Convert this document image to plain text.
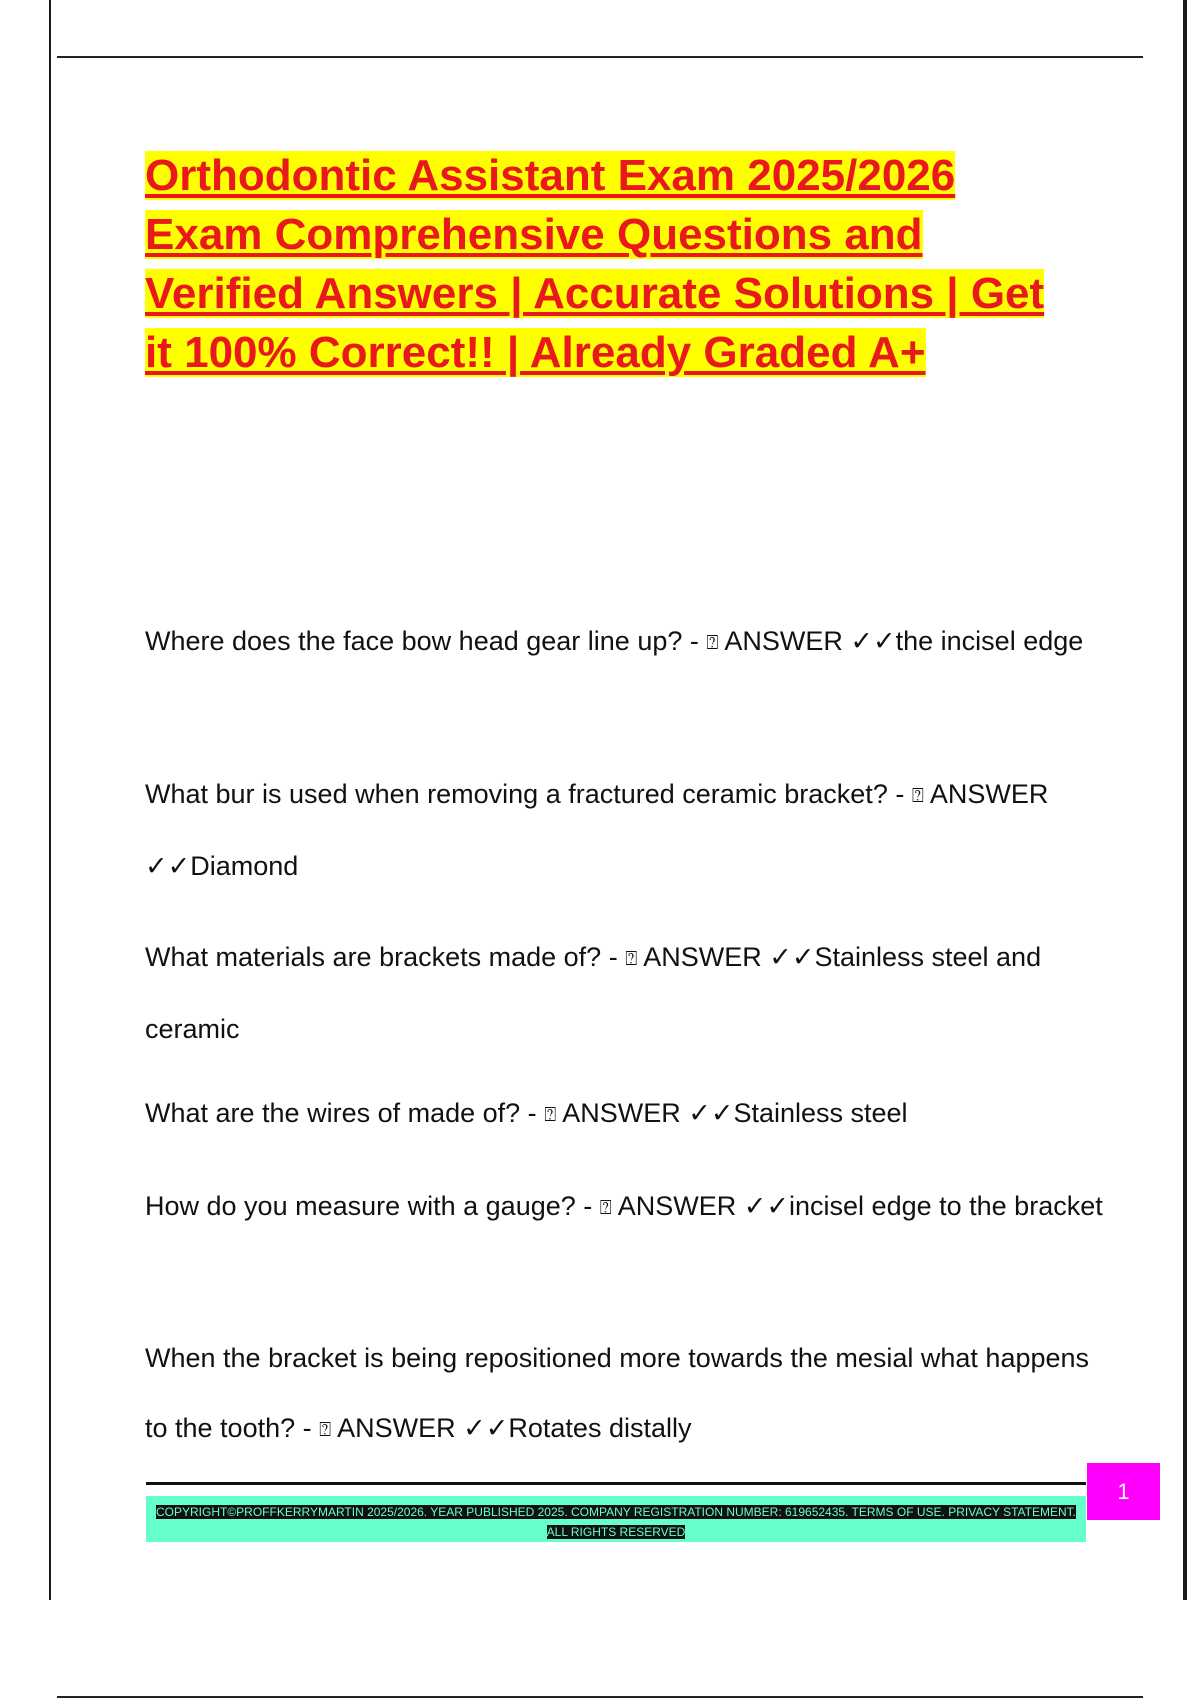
Orthodontic Assistant Exam 2025/2026 Exam Comprehensive Questions and Verified Answers | Accurate Solutions | Get it 100% Correct!! | Already Graded A+

Where does the face bow head gear line up? - ⍰ ANSWER ✓✓the incisel edge

What bur is used when removing a fractured ceramic bracket? - ⍰ ANSWER ✓✓Diamond

What materials are brackets made of? - ⍰ ANSWER ✓✓Stainless steel and ceramic

What are the wires of made of? - ⍰ ANSWER ✓✓Stainless steel

How do you measure with a gauge? - ⍰ ANSWER ✓✓incisel edge to the bracket

When the bracket is being repositioned more towards the mesial what happens to the tooth? - ⍰ ANSWER ✓✓Rotates distally

1
COPYRIGHT©PROFFKERRYMARTIN 2025/2026. YEAR PUBLISHED 2025. COMPANY REGISTRATION NUMBER: 619652435. TERMS OF USE. PRIVACY STATEMENT. ALL RIGHTS RESERVED
